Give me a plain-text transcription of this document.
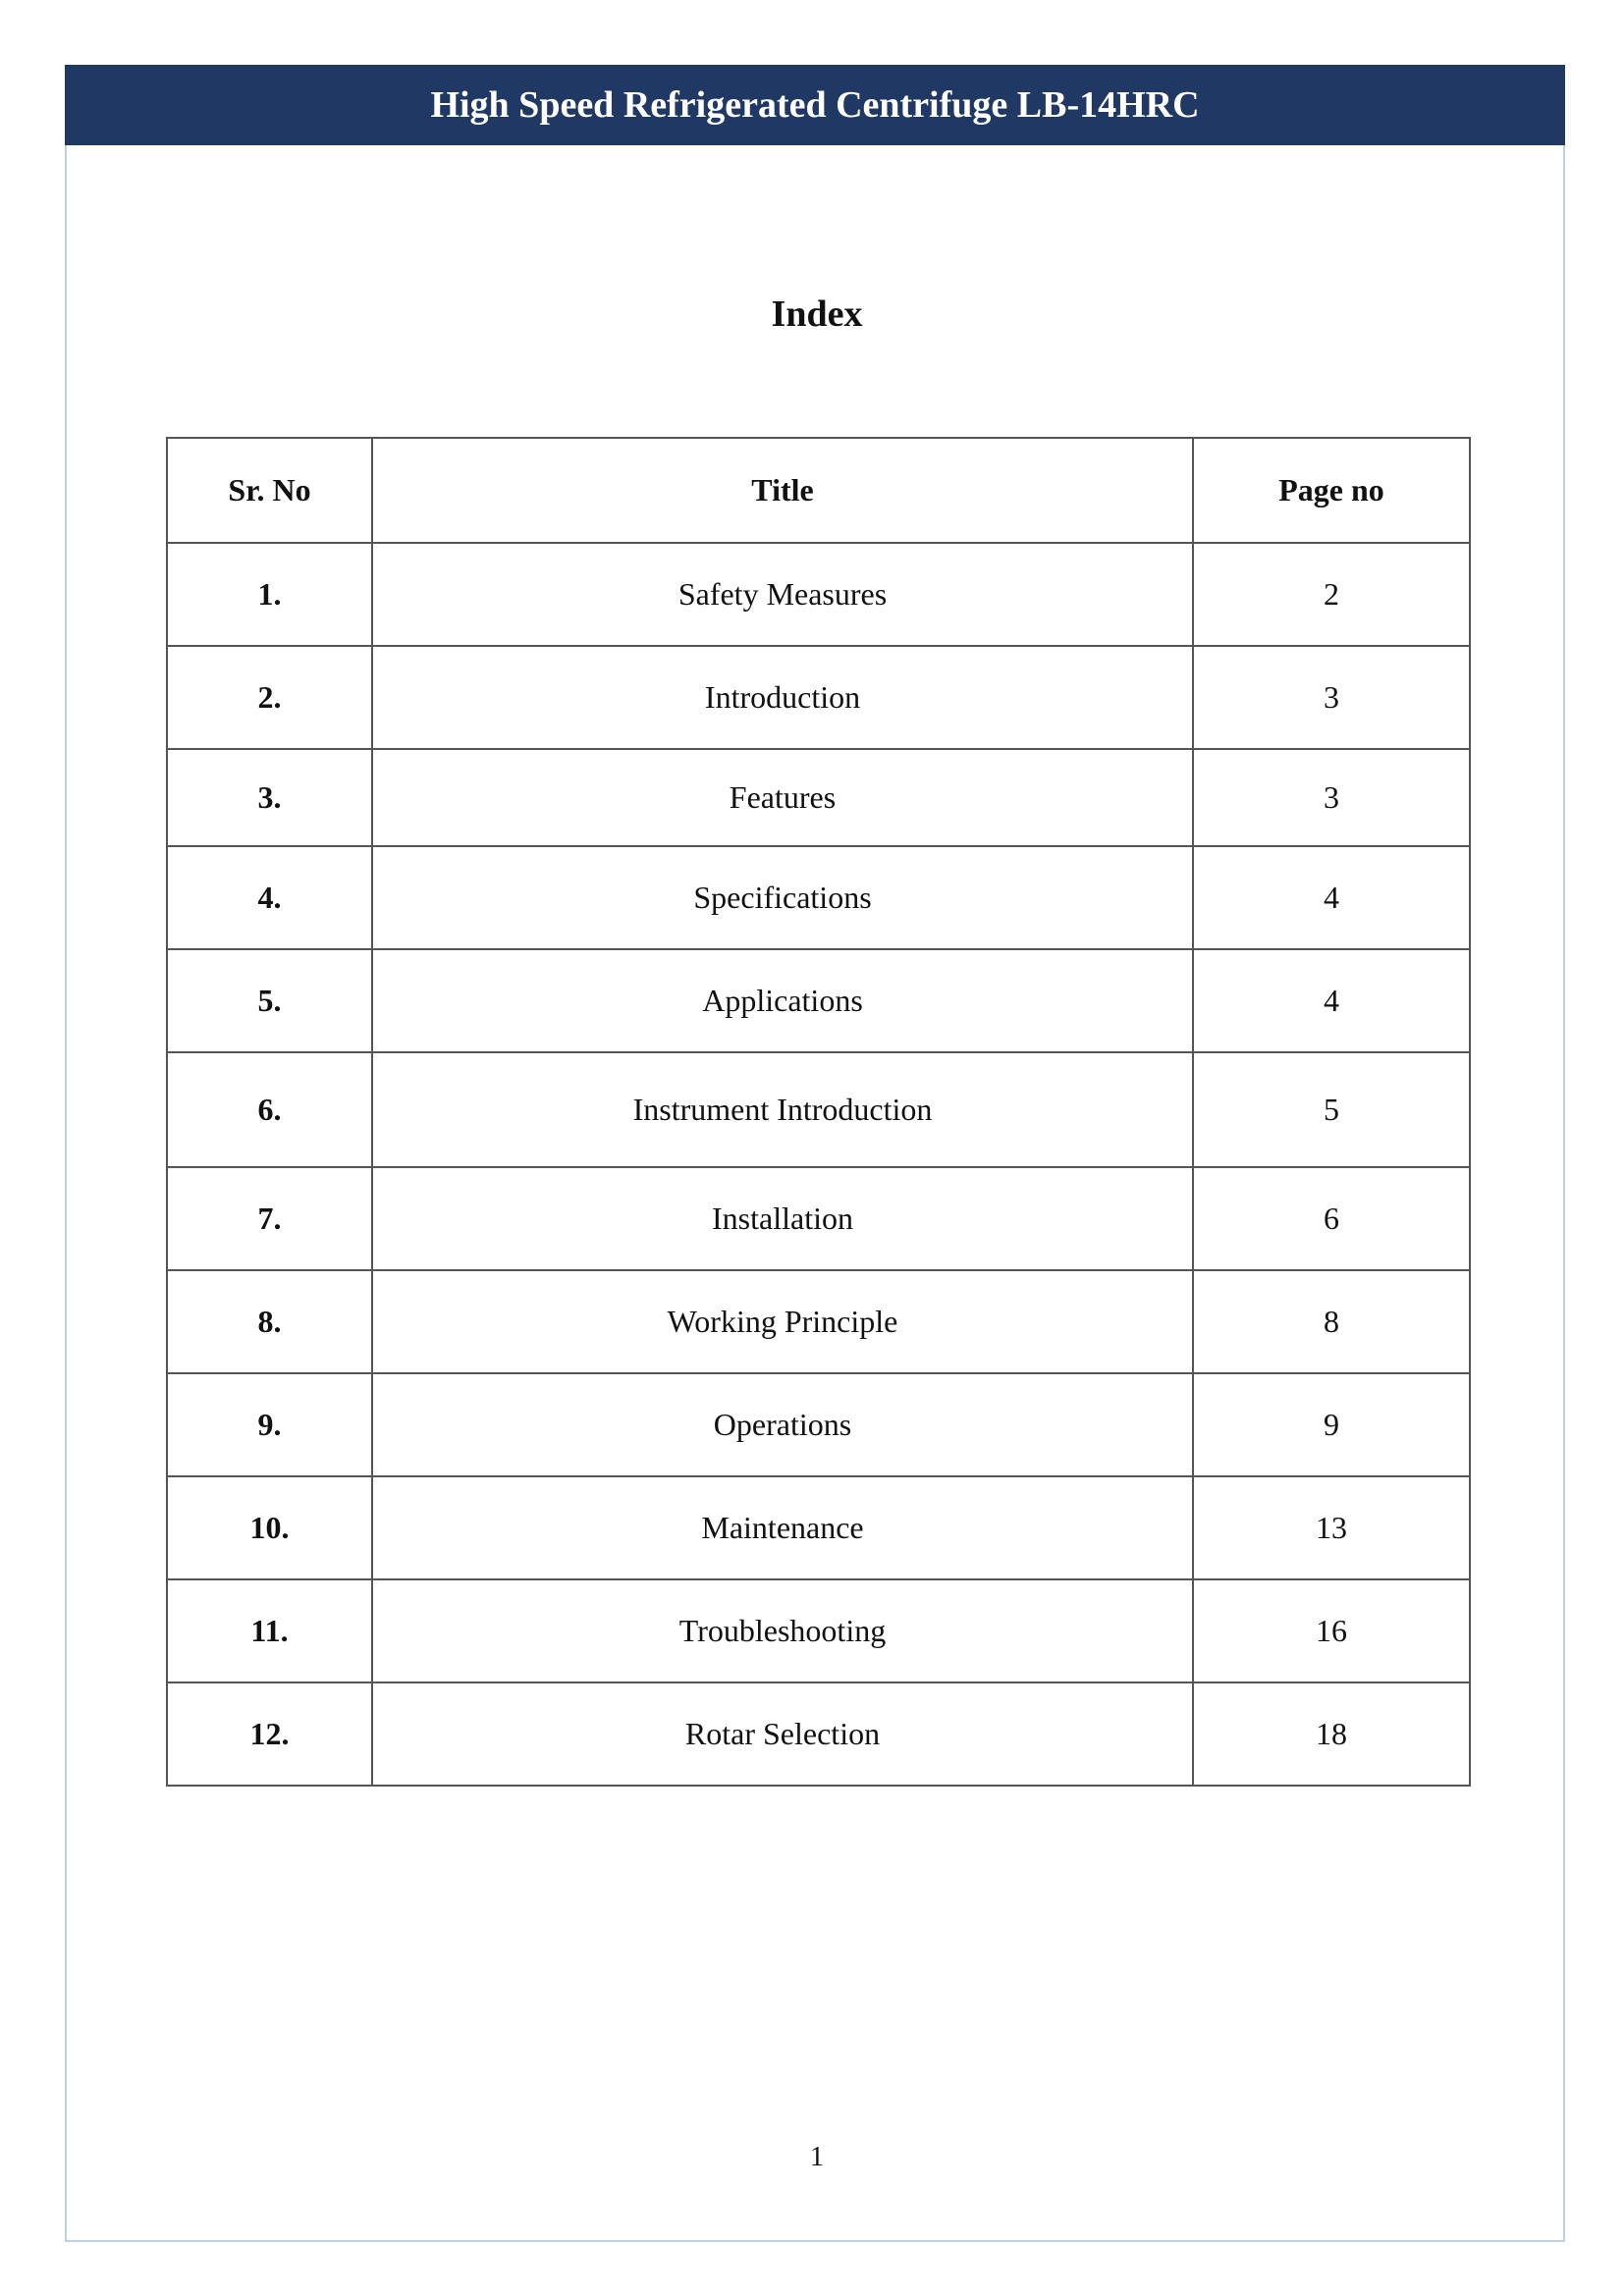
High Speed Refrigerated Centrifuge LB-14HRC
Index
Sr. No	Title	Page no
1.	Safety Measures	2
2.	Introduction	3
3.	Features	3
4.	Specifications	4
5.	Applications	4
6.	Instrument Introduction	5
7.	Installation	6
8.	Working Principle	8
9.	Operations	9
10.	Maintenance	13
11.	Troubleshooting	16
12.	Rotar Selection	18
1
